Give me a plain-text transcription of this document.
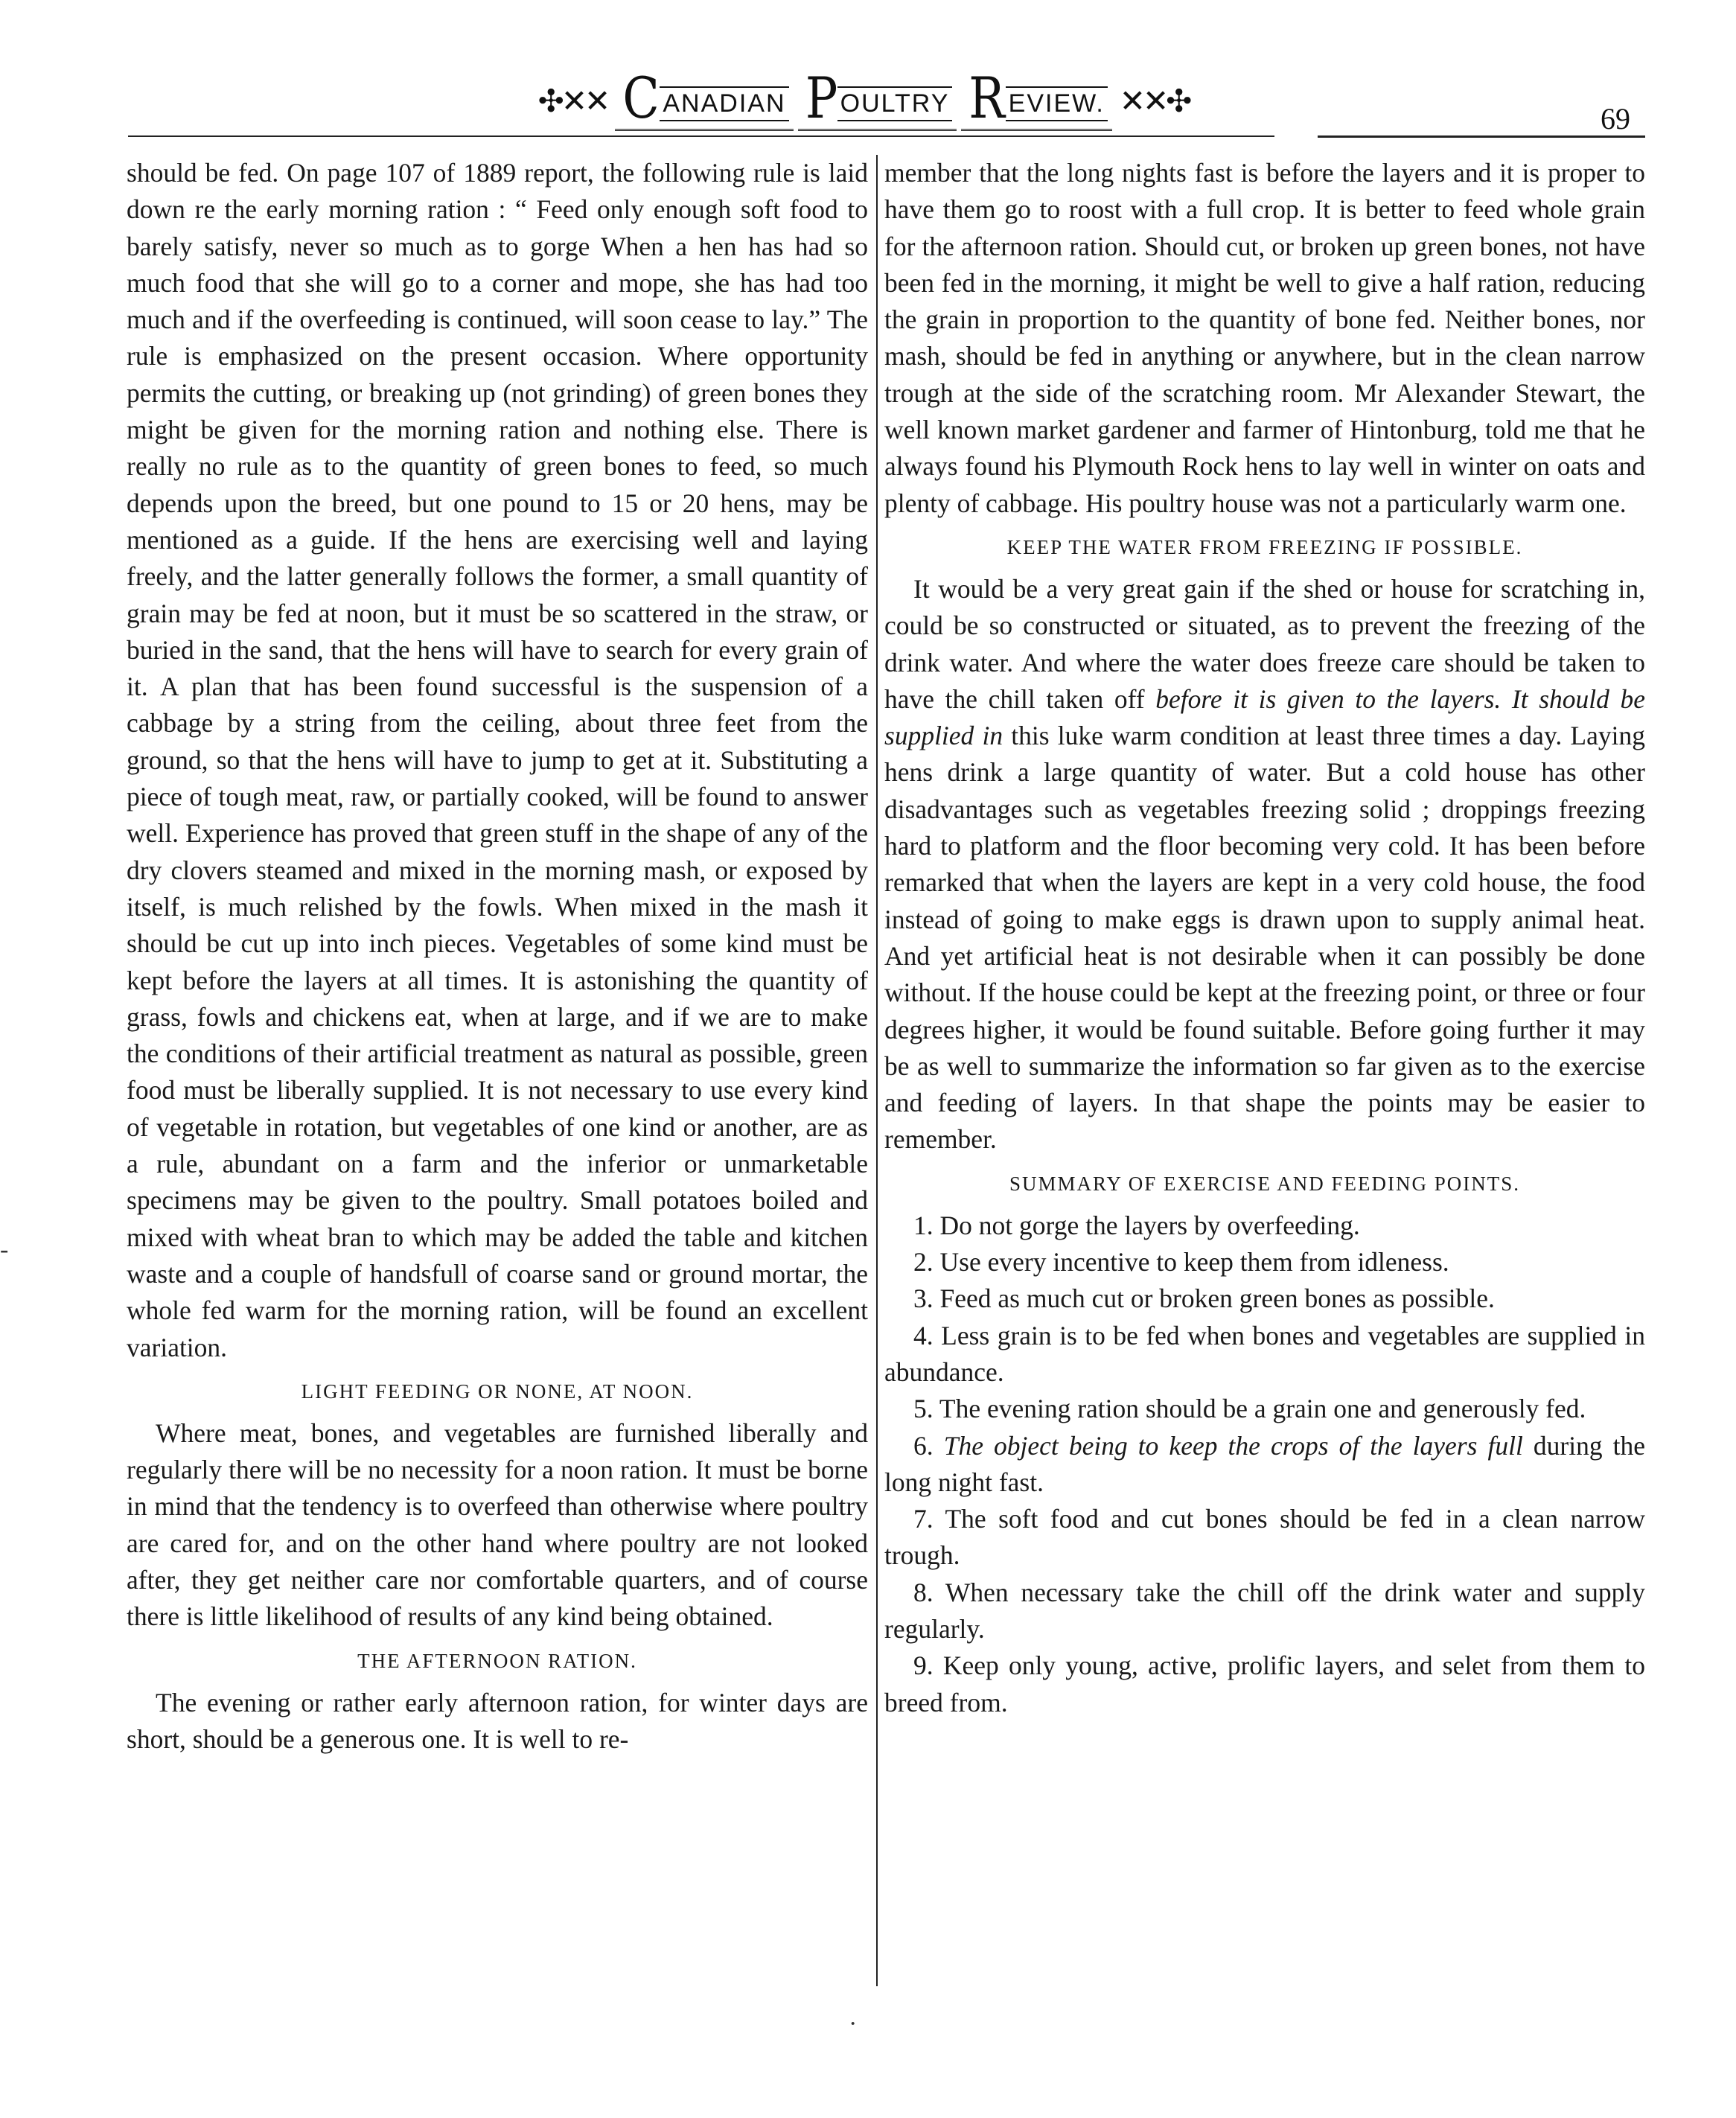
✣✕✕ C ANADIAN P OULTRY R EVIEW. ✕✕✣	69

should be fed. On page 107 of 1889 report, the following rule is laid down re the early morning ration : “ Feed only enough soft food to barely satisfy, never so much as to gorge When a hen has had so much food that she will go to a corner and mope, she has had too much and if the overfeeding is continued, will soon cease to lay.” The rule is emphasized on the present occasion. Where opportunity permits the cutting, or breaking up (not grinding) of green bones they might be given for the morning ration and nothing else. There is really no rule as to the quantity of green bones to feed, so much depends upon the breed, but one pound to 15 or 20 hens, may be mentioned as a guide. If the hens are exercising well and laying freely, and the latter generally follows the former, a small quantity of grain may be fed at noon, but it must be so scattered in the straw, or buried in the sand, that the hens will have to search for every grain of it. A plan that has been found successful is the suspension of a cabbage by a string from the ceiling, about three feet from the ground, so that the hens will have to jump to get at it. Substituting a piece of tough meat, raw, or partially cooked, will be found to answer well. Experience has proved that green stuff in the shape of any of the dry clovers steamed and mixed in the morning mash, or exposed by itself, is much relished by the fowls. When mixed in the mash it should be cut up into inch pieces. Vegetables of some kind must be kept before the layers at all times. It is astonishing the quantity of grass, fowls and chickens eat, when at large, and if we are to make the conditions of their artificial treatment as natural as possible, green food must be liberally supplied. It is not necessary to use every kind of vegetable in rotation, but vegetables of one kind or another, are as a rule, abundant on a farm and the inferior or unmarketable specimens may be given to the poultry. Small potatoes boiled and mixed with wheat bran to which may be added the table and kitchen waste and a couple of handsfull of coarse sand or ground mortar, the whole fed warm for the morning ration, will be found an excellent variation.

LIGHT FEEDING OR NONE, AT NOON.

Where meat, bones, and vegetables are furnished liberally and regularly there will be no necessity for a noon ration. It must be borne in mind that the tendency is to overfeed than otherwise where poultry are cared for, and on the other hand where poultry are not looked after, they get neither care nor comfortable quarters, and of course there is little likelihood of results of any kind being obtained.

THE AFTERNOON RATION.

The evening or rather early afternoon ration, for winter days are short, should be a generous one. It is well to re-

member that the long nights fast is before the layers and it is proper to have them go to roost with a full crop. It is better to feed whole grain for the afternoon ration. Should cut, or broken up green bones, not have been fed in the morning, it might be well to give a half ration, reducing the grain in proportion to the quantity of bone fed. Neither bones, nor mash, should be fed in anything or anywhere, but in the clean narrow trough at the side of the scratching room. Mr Alexander Stewart, the well known market gardener and farmer of Hintonburg, told me that he always found his Plymouth Rock hens to lay well in winter on oats and plenty of cabbage. His poultry house was not a particularly warm one.

KEEP THE WATER FROM FREEZING IF POSSIBLE.

It would be a very great gain if the shed or house for scratching in, could be so constructed or situated, as to prevent the freezing of the drink water. And where the water does freeze care should be taken to have the chill taken off before it is given to the layers. It should be supplied in this luke warm condition at least three times a day. Laying hens drink a large quantity of water. But a cold house has other disadvantages such as vegetables freezing solid ; droppings freezing hard to platform and the floor becoming very cold. It has been before remarked that when the layers are kept in a very cold house, the food instead of going to make eggs is drawn upon to supply animal heat. And yet artificial heat is not desirable when it can possibly be done without. If the house could be kept at the freezing point, or three or four degrees higher, it would be found suitable. Before going further it may be as well to summarize the information so far given as to the exercise and feeding of layers. In that shape the points may be easier to remember.

SUMMARY OF EXERCISE AND FEEDING POINTS.

1. Do not gorge the layers by overfeeding.

2. Use every incentive to keep them from idleness.

3. Feed as much cut or broken green bones as possible.

4. Less grain is to be fed when bones and vegetables are supplied in abundance.

5. The evening ration should be a grain one and generously fed.

6. The object being to keep the crops of the layers full during the long night fast.

7. The soft food and cut bones should be fed in a clean narrow trough.

8. When necessary take the chill off the drink water and supply regularly.

9. Keep only young, active, prolific layers, and selet from them to breed from.

-
·
